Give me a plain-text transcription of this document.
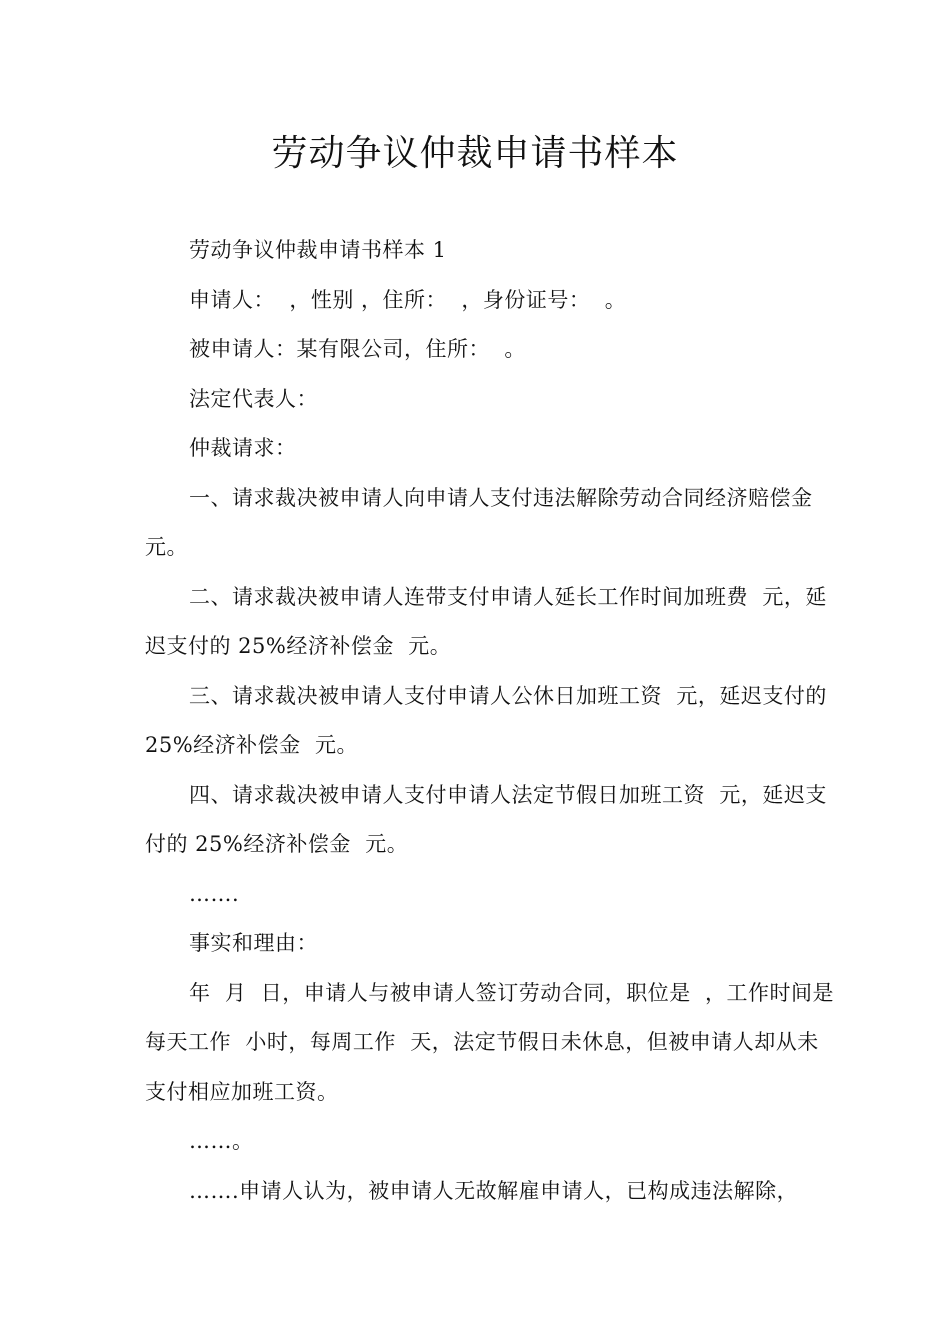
劳动争议仲裁申请书样本

劳动争议仲裁申请书样本 1

申请人：  ，性别 ，住所：  ，身份证号：  。

被申请人：某有限公司，住所：  。

法定代表人：

仲裁请求：

一、请求裁决被申请人向申请人支付违法解除劳动合同经济赔偿金  元。

二、请求裁决被申请人连带支付申请人延长工作时间加班费  元，延迟支付的 25%经济补偿金  元。

三、请求裁决被申请人支付申请人公休日加班工资  元，延迟支付的 25%经济补偿金  元。

四、请求裁决被申请人支付申请人法定节假日加班工资  元，延迟支付的 25%经济补偿金  元。

…….

事实和理由：

年  月  日，申请人与被申请人签订劳动合同，职位是  ，工作时间是每天工作  小时，每周工作  天，法定节假日未休息，但被申请人却从未支付相应加班工资。

……。

…….申请人认为，被申请人无故解雇申请人，已构成违法解除，
